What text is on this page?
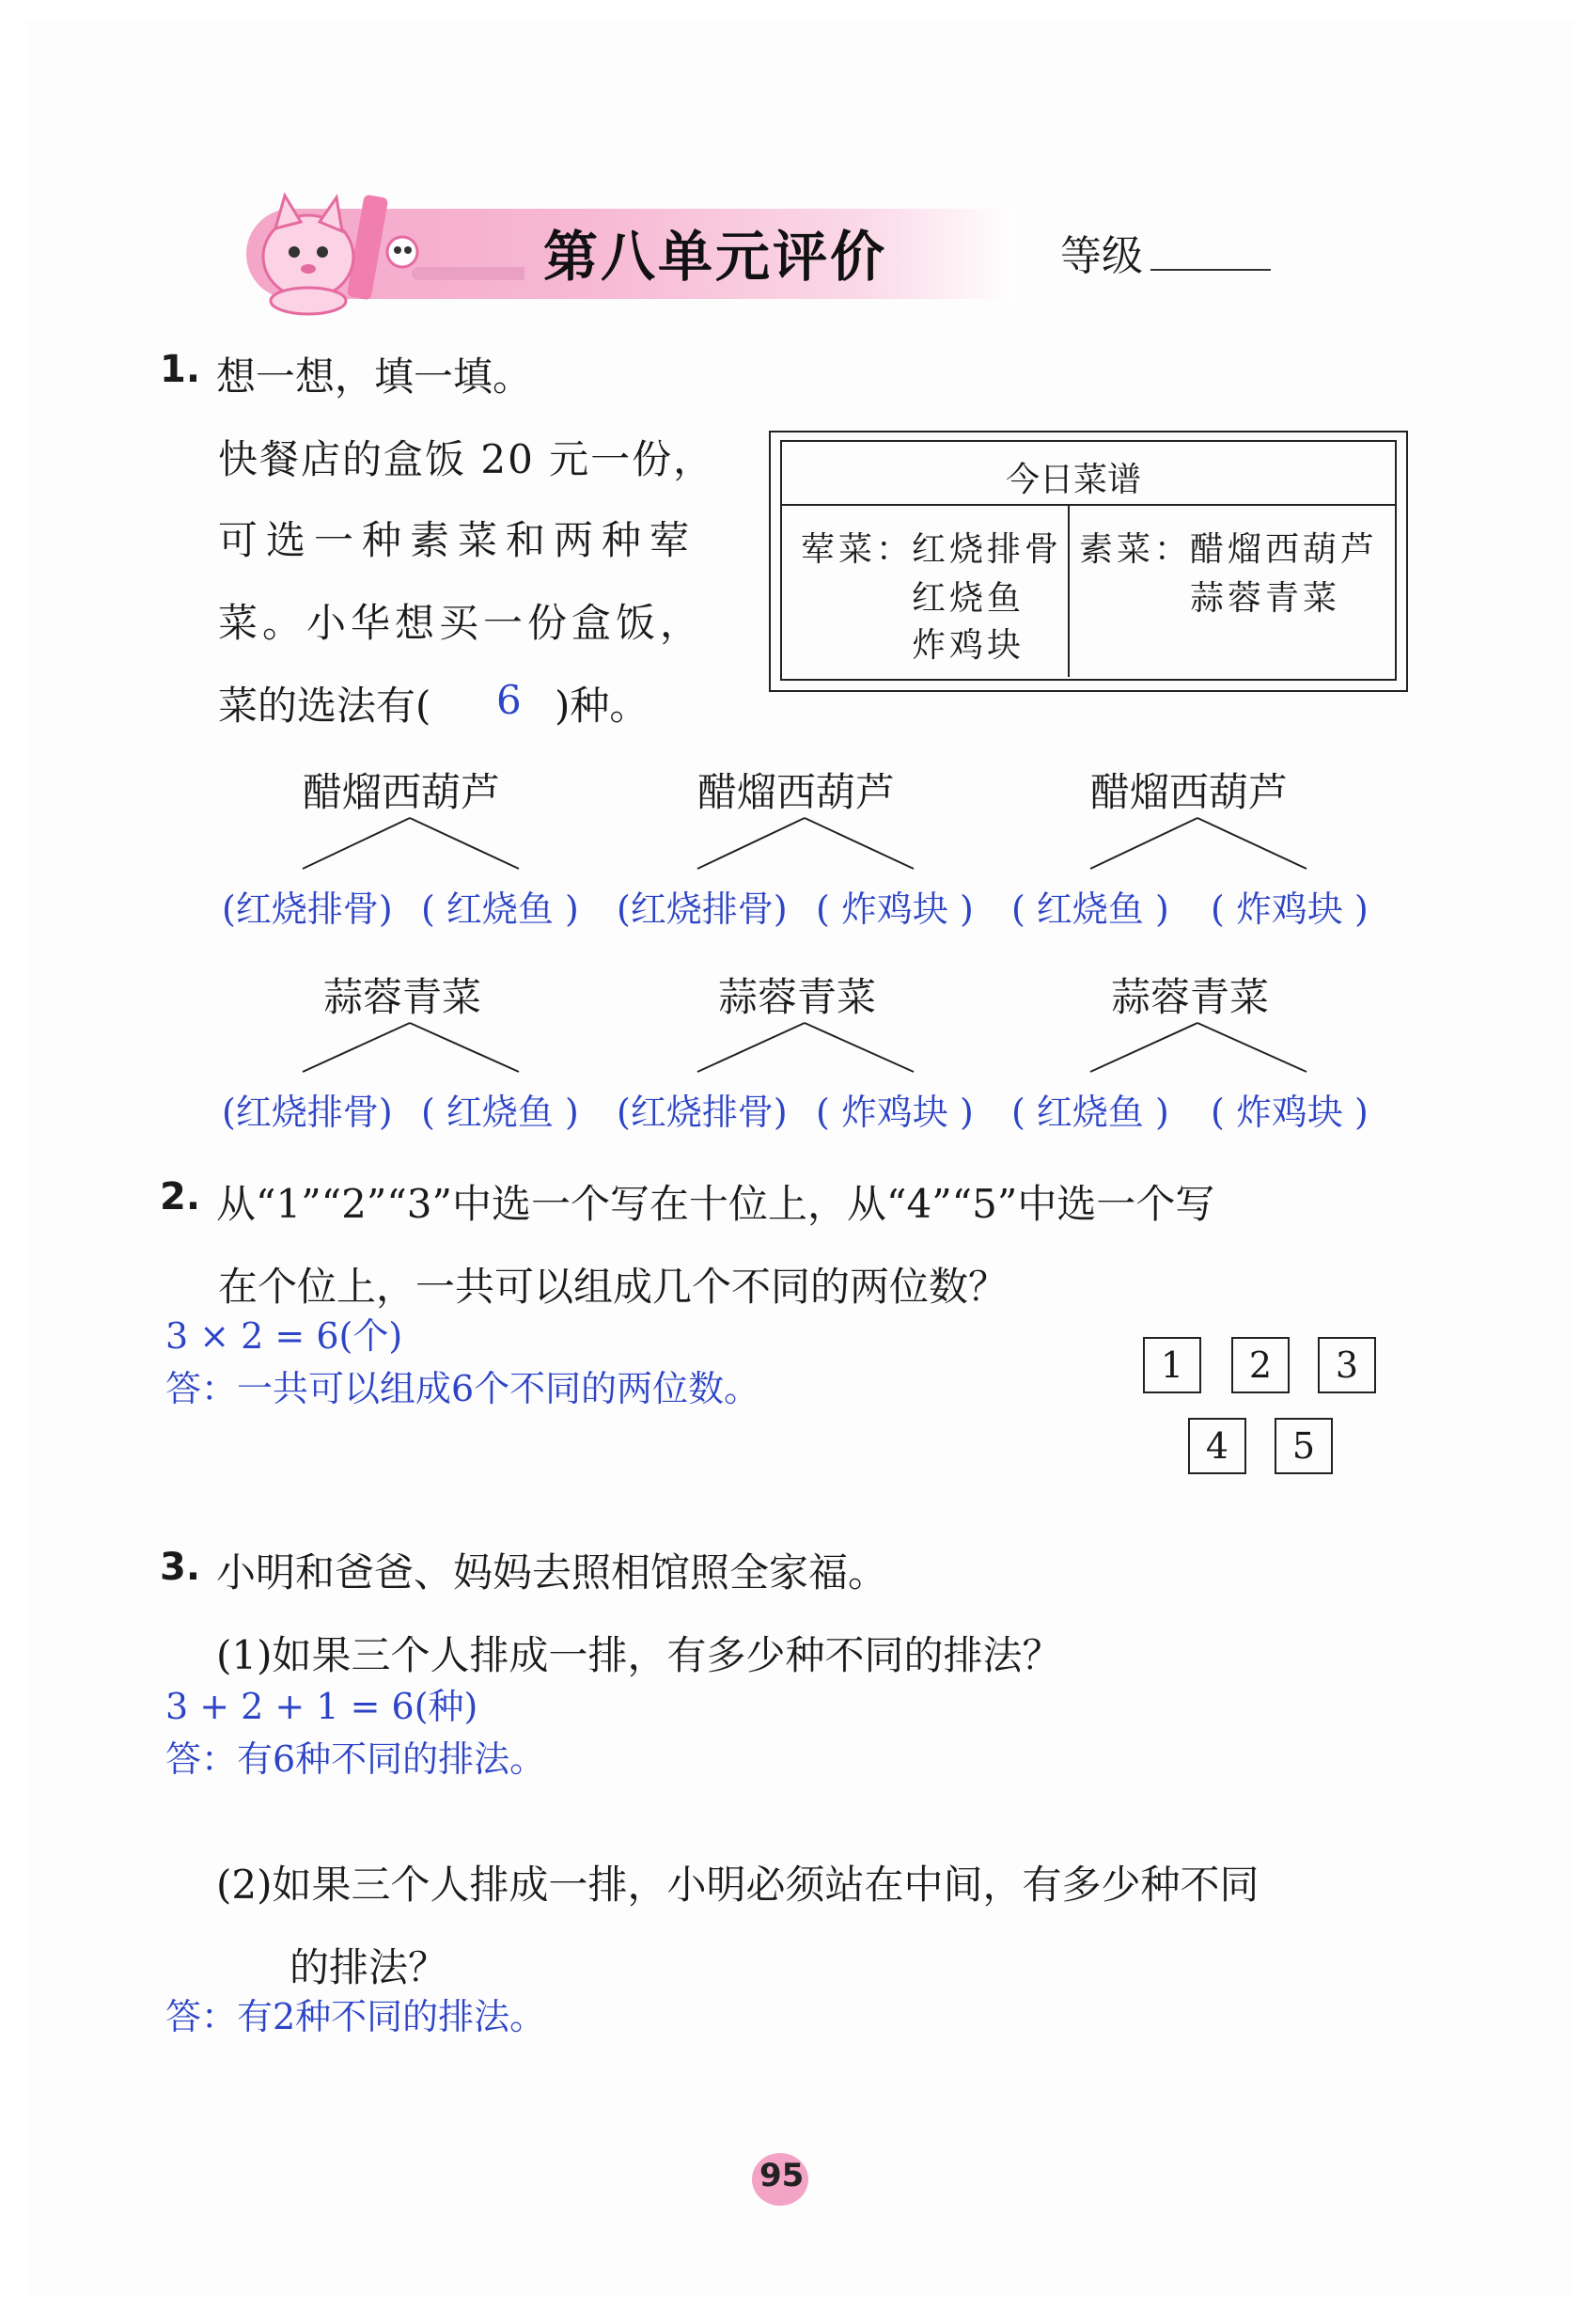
第八单元评价	等级
1. 想一想，填一填。
快餐店的盒饭 20 元一份，
可选一种素菜和两种荤
菜。小华想买一份盒饭，
菜的选法有( 6 )种。
今日菜谱
荤菜：
红烧排骨
红烧鱼
炸鸡块
素菜：
醋熘西葫芦
蒜蓉青菜
醋熘西葫芦	醋熘西葫芦	醋熘西葫芦
(红烧排骨) ( 红烧鱼 ) (红烧排骨) ( 炸鸡块 ) ( 红烧鱼 ) ( 炸鸡块 )
蒜蓉青菜	蒜蓉青菜	蒜蓉青菜
(红烧排骨) ( 红烧鱼 ) (红烧排骨) ( 炸鸡块 ) ( 红烧鱼 ) ( 炸鸡块 )
2. 从“1”“2”“3”中选一个写在十位上，从“4”“5”中选一个写
在个位上，一共可以组成几个不同的两位数？
3 × 2 = 6(个)
答：一共可以组成6个不同的两位数。
1	2	3
4	5
3. 小明和爸爸、妈妈去照相馆照全家福。
(1)如果三个人排成一排，有多少种不同的排法？
3 + 2 + 1 = 6(种)
答：有6种不同的排法。
(2)如果三个人排成一排，小明必须站在中间，有多少种不同
的排法？
答：有2种不同的排法。
95
